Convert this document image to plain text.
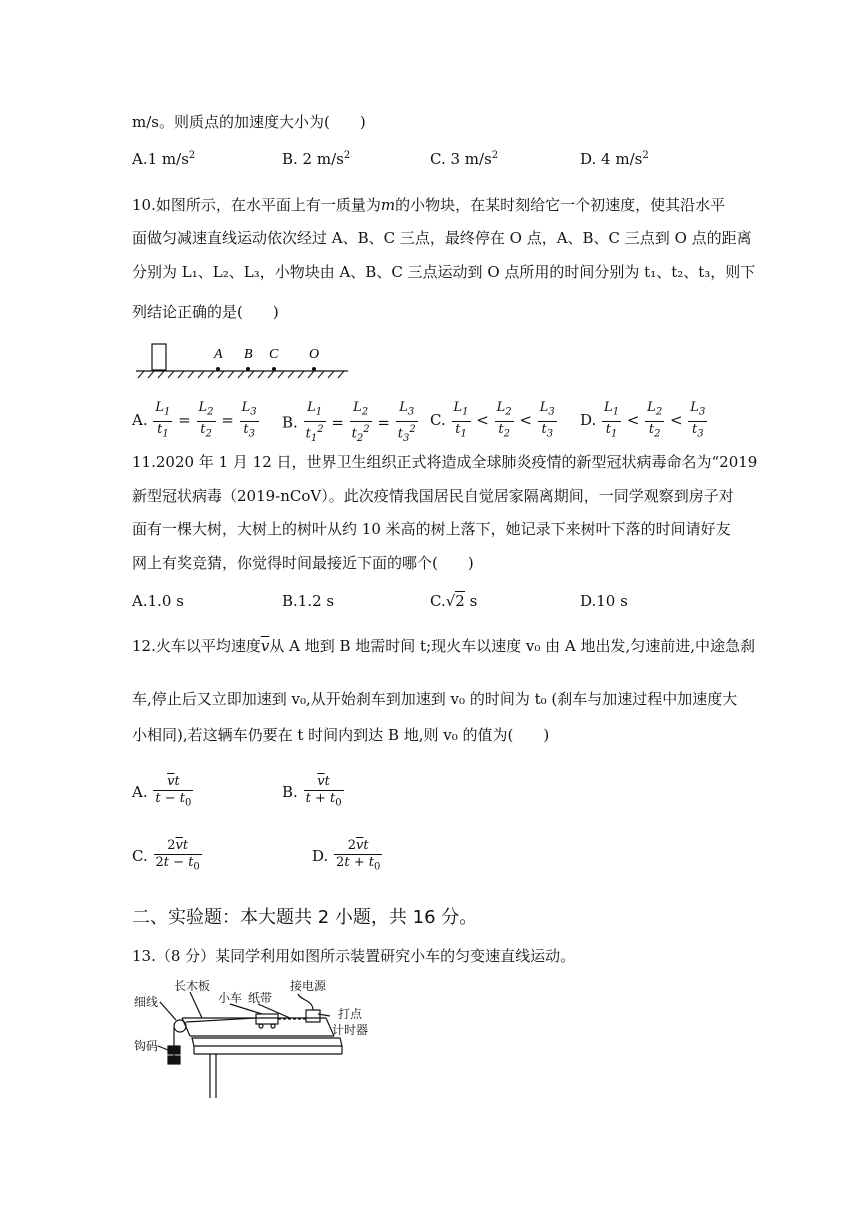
m/s。则质点的加速度大小为(　　)
A.1 $m/s^2$	B. 2 $m/s^2$	C. 3 $m/s^2$	D. 4 $m/s^2$
10.如图所示，在水平面上有一质量为m的小物块，在某时刻给它一个初速度，使其沿水平
面做匀减速直线运动依次经过 A、B、C 三点，最终停在 O 点，A、B、C 三点到 O 点的距离
分别为 L₁、L₂、L₃，小物块由 A、B、C 三点运动到 O 点所用的时间分别为 t₁、t₂、t₃，则下
列结论正确的是(　　)
A B C O
A. $\frac{L_1}{t_1} = \frac{L_2}{t_2} = \frac{L_3}{t_3} B$. $\frac{L_1}{t_1^2} = \frac{L_2}{t_2^2} = \frac{L_3}{t_3^2} C$. $\frac{L_1}{t_1} < \frac{L_2}{t_2} < \frac{L_3}{t_3} D$. $\frac{L_1}{t_1} < \frac{L_2}{t_2} < \frac{L_3}{t_3}$
11.2020 年 1 月 12 日，世界卫生组织正式将造成全球肺炎疫情的新型冠状病毒命名为“2019
新型冠状病毒（2019-nCoV）。此次疫情我国居民自觉居家隔离期间，一同学观察到房子对
面有一棵大树，大树上的树叶从约 10 米高的树上落下，她记录下来树叶下落的时间请好友
网上有奖竞猜，你觉得时间最接近下面的哪个(　　)
A.1.0 s	B.1.2 s	C.√2 s	D.10 s
12.火车以平均速度$\overline{v}$从 A 地到 B 地需时间 t;现火车以速度 v₀ 由 A 地出发,匀速前进,中途急刹
车,停止后又立即加速到 v₀,从开始刹车到加速到 v₀ 的时间为 t₀ (刹车与加速过程中加速度大
小相同),若这辆车仍要在 t 时间内到达 B 地,则 v₀ 的值为(　　)
A. $\frac{\overline{v}t}{t - t_0}$	B. $\frac{\overline{v}t}{t + t_0}$
C. $\frac{2\overline{v}t}{2t - t_0}$	D. $\frac{2\overline{v}t}{2t + t_0}$
二、实验题：本大题共 2 小题，共 16 分。
13.（8 分）某同学利用如图所示装置研究小车的匀变速直线运动。
细线
长木板
小车 纸带
接电源
打点
计时器
钩码
